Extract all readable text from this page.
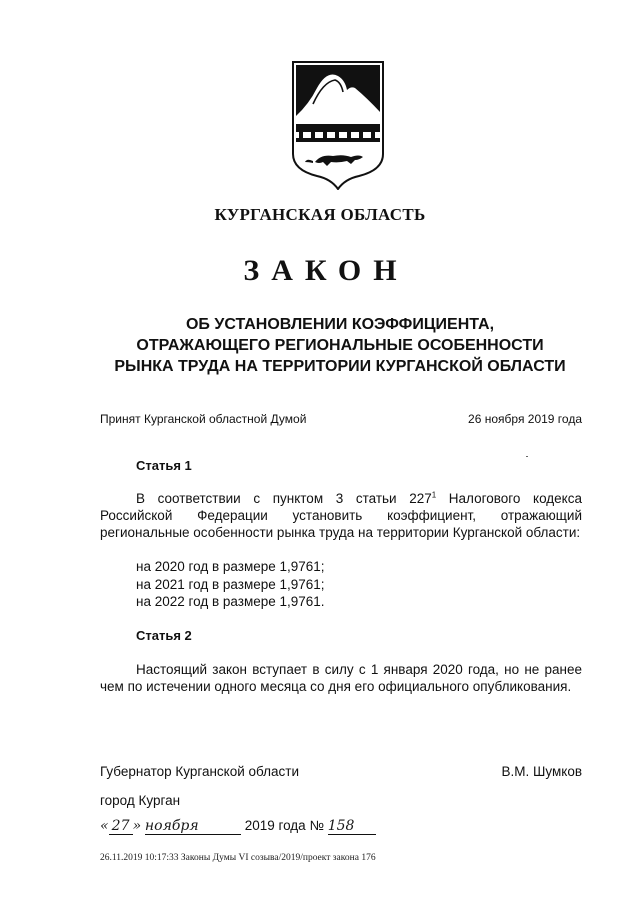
КУРГАНСКАЯ ОБЛАСТЬ
ЗАКОН
ОБ УСТАНОВЛЕНИИ КОЭФФИЦИЕНТА,
ОТРАЖАЮЩЕГО РЕГИОНАЛЬНЫЕ ОСОБЕННОСТИ
РЫНКА ТРУДА НА ТЕРРИТОРИИ КУРГАНСКОЙ ОБЛАСТИ
Принят Курганской областной Думой	26 ноября 2019 года
Статья 1
В соответствии с пунктом 3 статьи $227^1$ Налогового кодекса Российской Федерации установить коэффициент, отражающий региональные особенности рынка труда на территории Курганской области:
на 2020 год в размере 1,9761;
на 2021 год в размере 1,9761;
на 2022 год в размере 1,9761.
Статья 2
Настоящий закон вступает в силу с 1 января 2020 года, но не ранее чем по истечении одного месяца со дня его официального опубликования.
Губернатор Курганской области	В.М. Шумков
город Курган
« 27 » ноября	2019 года № 158
26.11.2019 10:17:33 Законы Думы VI созыва/2019/проект закона 176
